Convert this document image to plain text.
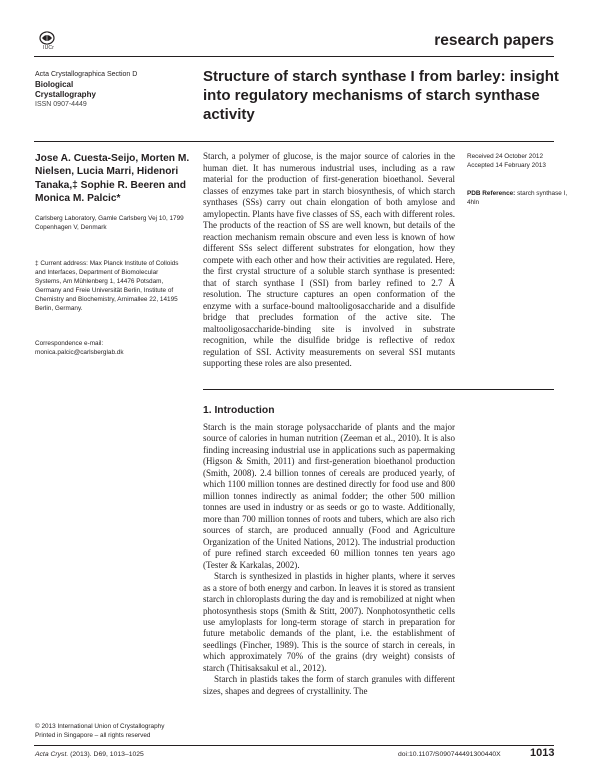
IUCr	research papers
Acta Crystallographica Section D
Biological
Crystallography
ISSN 0907-4449
Structure of starch synthase I from barley: insight into regulatory mechanisms of starch synthase activity
Jose A. Cuesta-Seijo, Morten M. Nielsen, Lucia Marri, Hidenori Tanaka,‡ Sophie R. Beeren and Monica M. Palcic*
Carlsberg Laboratory, Gamle Carlsberg Vej 10, 1799 Copenhagen V, Denmark
‡ Current address: Max Planck Institute of Colloids and Interfaces, Department of Biomolecular Systems, Am Mühlenberg 1, 14476 Potsdam, Germany and Freie Universität Berlin, Institute of Chemistry and Biochemistry, Arnimallee 22, 14195 Berlin, Germany.
Correspondence e-mail:
monica.palcic@carlsberglab.dk
Starch, a polymer of glucose, is the major source of calories in the human diet. It has numerous industrial uses, including as a raw material for the production of first-generation bioethanol. Several classes of enzymes take part in starch biosynthesis, of which starch synthases (SSs) carry out chain elongation of both amylose and amylopectin. Plants have five classes of SS, each with different roles. The products of the reaction of SS are well known, but details of the reaction mechanism remain obscure and even less is known of how different SSs select different substrates for elongation, how they compete with each other and how their activities are regulated. Here, the first crystal structure of a soluble starch synthase is presented: that of starch synthase I (SSI) from barley refined to 2.7 Å resolution. The structure captures an open conformation of the enzyme with a surface-bound maltooligosaccharide and a disulfide bridge that precludes formation of the active site. The maltooligosaccharide-binding site is involved in substrate recognition, while the disulfide bridge is reflective of redox regulation of SSI. Activity measurements on several SSI mutants supporting these roles are also presented.
Received 24 October 2012
Accepted 14 February 2013
PDB Reference: starch synthase I, 4hln
1. Introduction

Starch is the main storage polysaccharide of plants and the major source of calories in human nutrition (Zeeman et al., 2010). It is also finding increasing industrial use in applications such as papermaking (Higson & Smith, 2011) and first-generation bioethanol production (Smith, 2008). 2.4 billion tonnes of cereals are produced yearly, of which 1100 million tonnes are destined directly for food use and 800 million tonnes indirectly as animal fodder; the other 500 million tonnes are used in industry or as seeds or go to waste. Additionally, more than 700 million tonnes of roots and tubers, which are also rich sources of starch, are produced annually (Food and Agriculture Organization of the United Nations, 2012). The industrial production of pure refined starch exceeded 60 million tonnes ten years ago (Tester & Karkalas, 2002).

Starch is synthesized in plastids in higher plants, where it serves as a store of both energy and carbon. In leaves it is stored as transient starch in chloroplasts during the day and is remobilized at night when photosynthesis stops (Smith & Stitt, 2007). Nonphotosynthetic cells use amyloplasts for long-term storage of starch in preparation for future metabolic demands of the plant, i.e. the establishment of seedlings (Fincher, 1989). This is the source of starch in cereals, in which approximately 70% of the grains (dry weight) consists of starch (Thitisaksakul et al., 2012).

Starch in plastids takes the form of starch granules with different sizes, shapes and degrees of crystallinity. The

© 2013 International Union of Crystallography
Printed in Singapore – all rights reserved
Acta Cryst. (2013). D69, 1013–1025	doi:10.1107/S090744491300440X	1013
